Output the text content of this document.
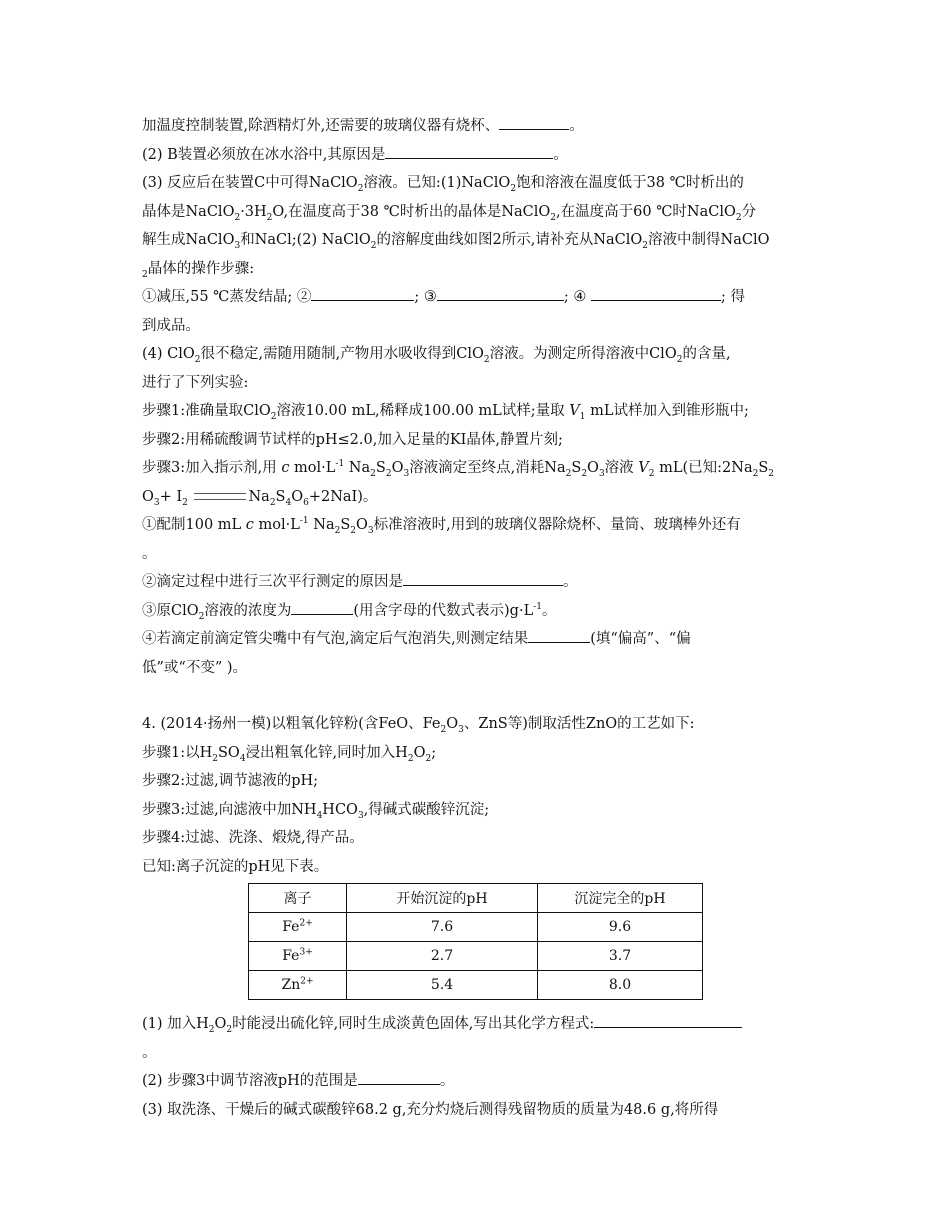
加温度控制装置,除酒精灯外,还需要的玻璃仪器有烧杯、	。
(2) B装置必须放在冰水浴中,其原因是	。
(3) 反应后在装置C中可得NaClO$_2$溶液。已知:(1)NaClO$_2$饱和溶液在温度低于38 ℃时析出的
晶体是$NaClO_2\cdot 3H_2O$,在温度高于38 ℃时析出的晶体是NaClO$_2$,在温度高于60 ℃时NaClO$_2$分
解生成NaClO$_3$和NaCl;(2) NaClO$_2$的溶解度曲线如图2所示,请补充从NaClO$_2$溶液中制得NaClO
$_2$晶体的操作步骤:
①减压,55 ℃蒸发结晶; ②	; ③	; ④	; 得
到成品。
(4) ClO$_2$很不稳定,需随用随制,产物用水吸收得到ClO$_2$溶液。为测定所得溶液中ClO$_2$的含量,
进行了下列实验:
步骤1:准确量取ClO$_2$溶液10.00 mL,稀释成100.00 mL试样;量取 $V_1$ mL试样加入到锥形瓶中;
步骤2:用稀硫酸调节试样的pH≤2.0,加入足量的KI晶体,静置片刻;
步骤3:加入指示剂,用 c $mol\cdot L^{-1}$ $Na_2S_2O_3$溶液滴定至终点,消耗$Na_2S_2O_3$溶液 $V_2$ mL(已知$:2Na_2S_2$
$O_3+ I_2$	$Na_2S_4O_6+2NaI$)。
①配制100 mL c $mol\cdot L^{-1}$ $Na_2S_2O_3$标准溶液时,用到的玻璃仪器除烧杯、量筒、玻璃棒外还有
。
②滴定过程中进行三次平行测定的原因是	。
③原ClO$_2$溶液的浓度为	(用含字母的代数式表示)$g\cdot L^{-1}$。
④若滴定前滴定管尖嘴中有气泡,滴定后气泡消失,则测定结果	(填“偏高”、“偏
低”或“不变” )。
4. (2014·扬州一模)以粗氧化锌粉(含FeO、$Fe_2O_3$、ZnS等)制取活性ZnO的工艺如下:
步骤1:以$H_2SO_4$浸出粗氧化锌,同时加入$H_2O_2$;
步骤2:过滤,调节滤液的pH;
步骤3:过滤,向滤液中加$NH_4HCO_3$,得碱式碳酸锌沉淀;
步骤4:过滤、洗涤、煅烧,得产品。
已知:离子沉淀的pH见下表。
离子	开始沉淀的pH	沉淀完全的pH
$Fe^{2+}$	7.6	9.6
$Fe^{3+}$	2.7	3.7
$Zn^{2+}$	5.4	8.0
(1) 加入$H_2O_2$时能浸出硫化锌,同时生成淡黄色固体,写出其化学方程式:
。
(2) 步骤3中调节溶液pH的范围是	。
(3) 取洗涤、干燥后的碱式碳酸锌68.2 g,充分灼烧后测得残留物质的质量为48.6 g,将所得
